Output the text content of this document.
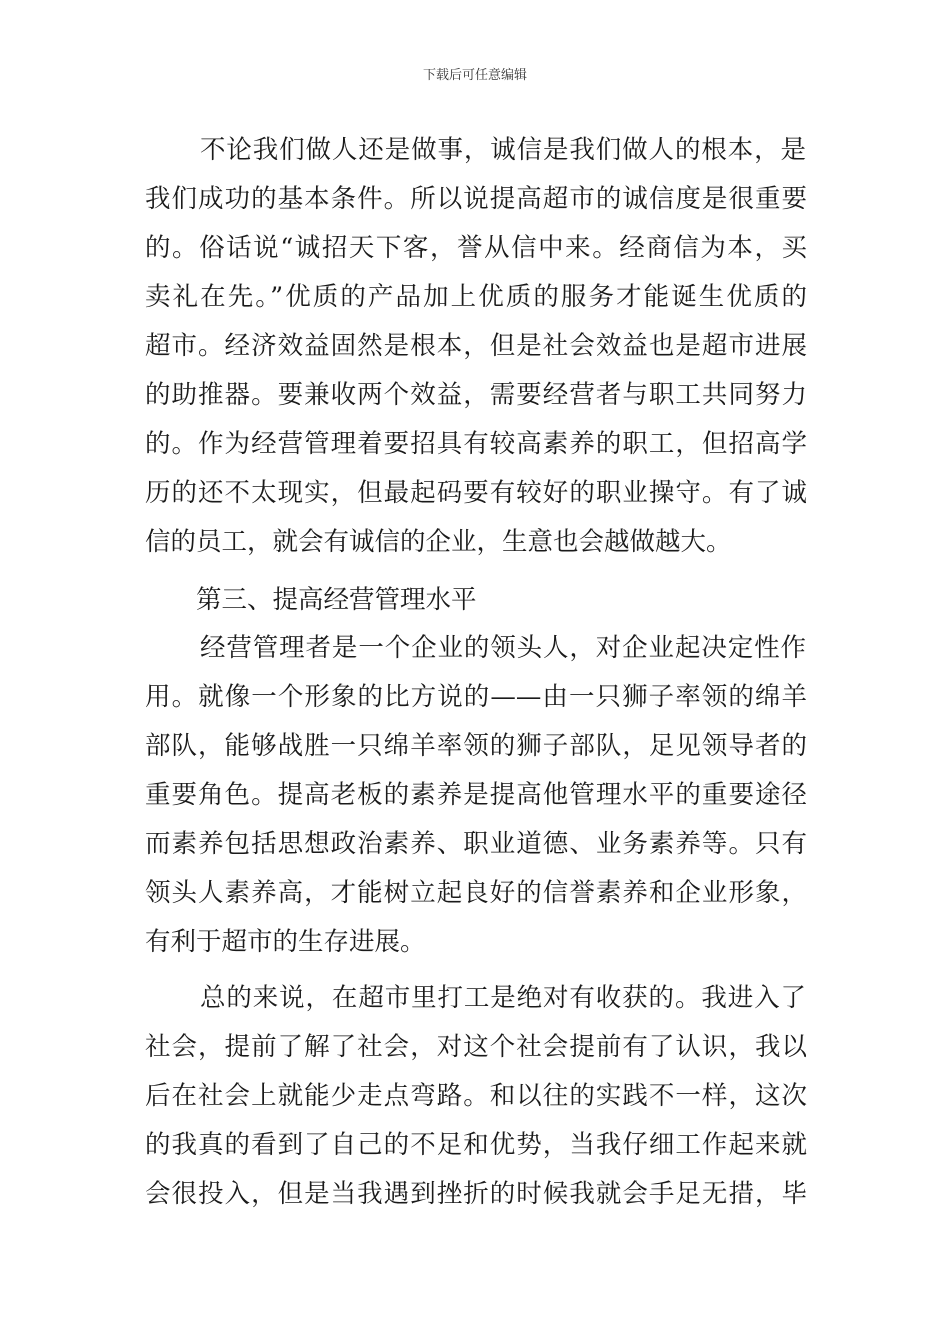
下载后可任意编辑
不论我们做人还是做事，诚信是我们做人的根本，是
我们成功的基本条件。所以说提高超市的诚信度是很重要
的。俗话说“诚招天下客，誉从信中来。经商信为本，买
卖礼在先。”优质的产品加上优质的服务才能诞生优质的
超市。经济效益固然是根本，但是社会效益也是超市进展
的助推器。要兼收两个效益，需要经营者与职工共同努力
的。作为经营管理着要招具有较高素养的职工，但招高学
历的还不太现实，但最起码要有较好的职业操守。有了诚
信的员工，就会有诚信的企业，生意也会越做越大。
第三、提高经营管理水平
经营管理者是一个企业的领头人，对企业起决定性作
用。就像一个形象的比方说的——由一只狮子率领的绵羊
部队，能够战胜一只绵羊率领的狮子部队，足见领导者的
重要角色。提高老板的素养是提高他管理水平的重要途径
而素养包括思想政治素养、职业道德、业务素养等。只有
领头人素养高，才能树立起良好的信誉素养和企业形象，
有利于超市的生存进展。
总的来说，在超市里打工是绝对有收获的。我进入了
社会，提前了解了社会，对这个社会提前有了认识，我以
后在社会上就能少走点弯路。和以往的实践不一样，这次
的我真的看到了自己的不足和优势，当我仔细工作起来就
会很投入，但是当我遇到挫折的时候我就会手足无措，毕
